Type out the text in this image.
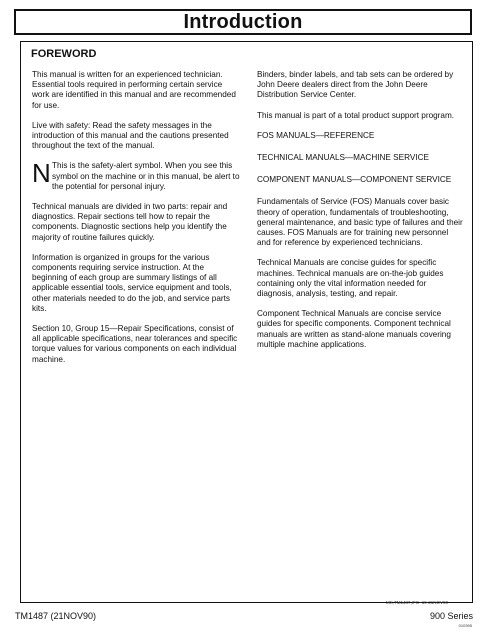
Introduction
FOREWORD

This manual is written for an experienced technician. Essential tools required in performing certain service work are identified in this manual and are recommended for use.

Live with safety: Read the safety messages in the introduction of this manual and the cautions presented throughout the text of the manual.

N This is the safety-alert symbol. When you see this symbol on the machine or in this manual, be alert to the potential for personal injury.

Technical manuals are divided in two parts: repair and diagnostics. Repair sections tell how to repair the components. Diagnostic sections help you identify the majority of routine failures quickly.

Information is organized in groups for the various components requiring service instruction. At the beginning of each group are summary listings of all applicable essential tools, service equipment and tools, other materials needed to do the job, and service parts kits.

Section 10, Group 15—Repair Specifications, consist of all applicable specifications, near tolerances and specific torque values for various components on each individual machine.

Binders, binder labels, and tab sets can be ordered by John Deere dealers direct from the John Deere Distribution Service Center.

This manual is part of a total product support program.

FOS MANUALS—REFERENCE

TECHNICAL MANUALS—MACHINE SERVICE

COMPONENT MANUALS—COMPONENT SERVICE

Fundamentals of Service (FOS) Manuals cover basic theory of operation, fundamentals of troubleshooting, general maintenance, and basic type of failures and their causes. FOS Manuals are for training new personnel and for reference by experienced technicians.

Technical Manuals are concise guides for specific machines. Technical manuals are on-the-job guides containing only the vital information needed for diagnosis, analysis, testing, and repair.

Component Technical Manuals are concise service guides for specific components. Component technical manuals are written as stand-alone manuals covering multiple machine applications.

MX,TM1487,IFC -19-21NOV90
TM1487 (21NOV90)	900 Series
010395
